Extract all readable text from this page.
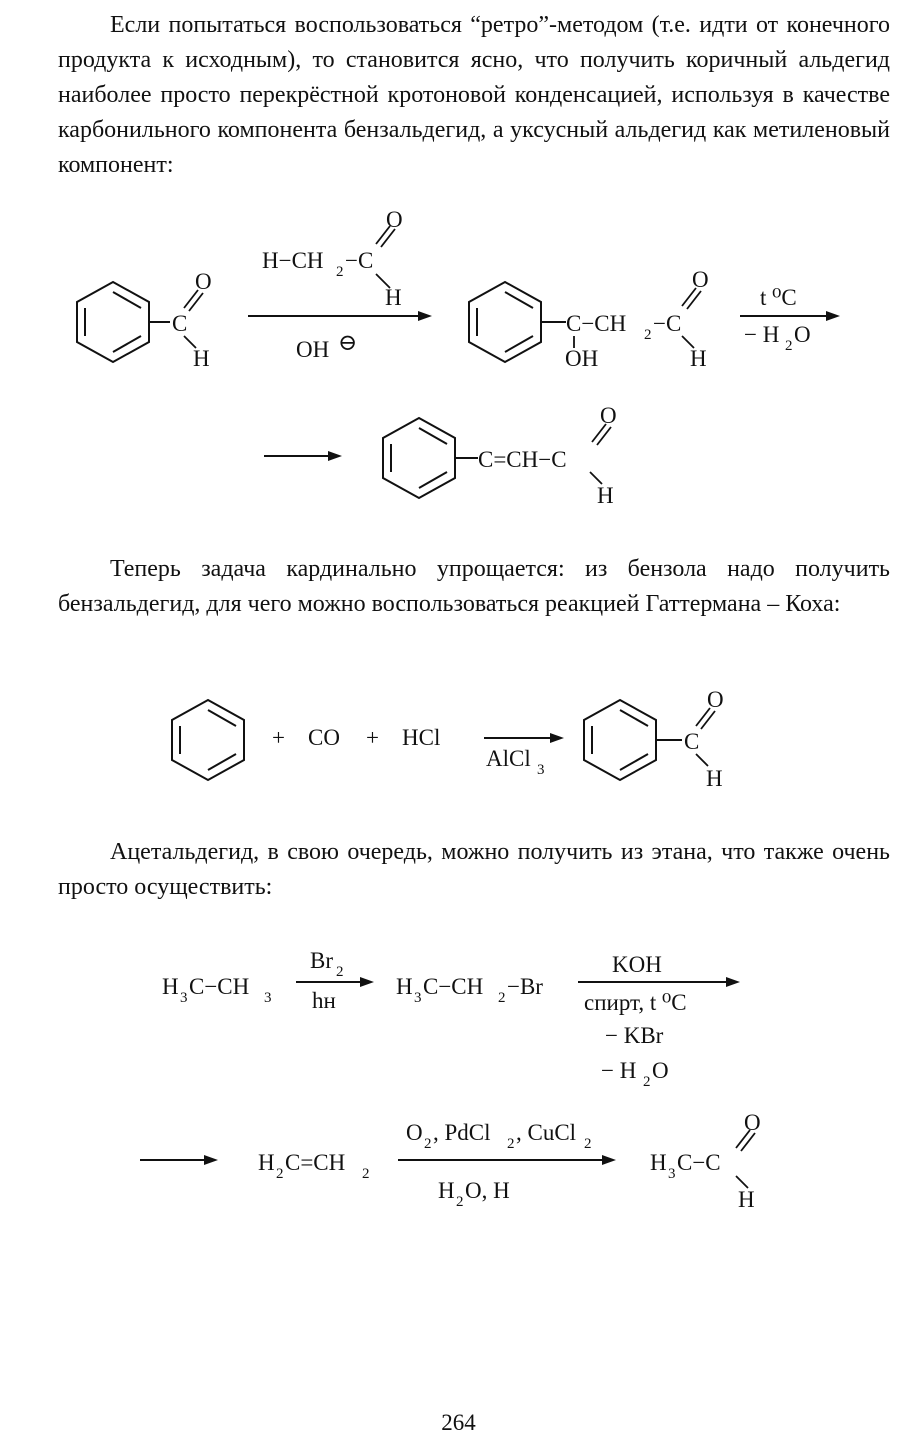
Если попытаться воспользоваться “ретро”-методом (т.е. идти от конечного продукта к исходным), то становится ясно, что получить коричный альдегид наиболее просто перекрёстной кротоновой конденсацией, используя в качестве карбонильного компонента бензальдегид, а уксусный альдегид как метиленовый компонент:

C
O
H
H−CH 2 −C
O
H
OH ⊖
C−CH 2 −C
OH
O
H
t ⁰C
− H 2 O
C=CH−C
O
H

Теперь задача кардинально упрощается: из бензола надо получить бензальдегид, для чего можно воспользоваться реакцией Гаттермана – Коха:

+ CO + HCl
AlCl 3
C
O
H

Ацетальдегид, в свою очередь, можно получить из этана, что также очень просто осуществить:

H 3 C−CH 3
Br 2
hн
H 3 C−CH 2 −Br
KOH
спирт, t ⁰C
− KBr
− H 2 O
H 2 C=CH 2
O 2 , PdCl 2 , CuCl 2
H 2 O, H
H 3 C−C
O
H
264
